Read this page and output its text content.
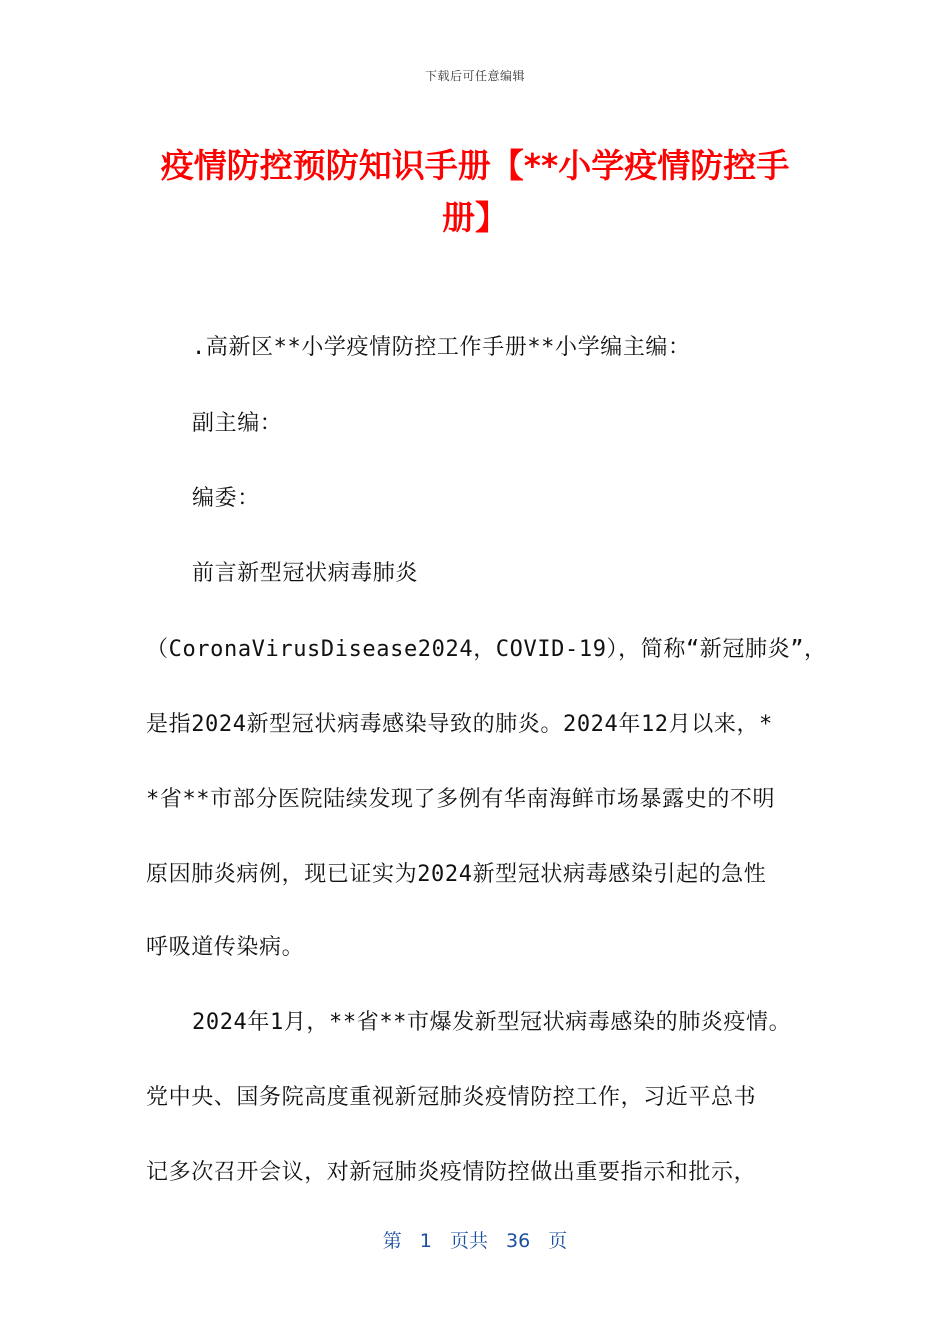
下载后可任意编辑
疫情防控预防知识手册【**小学疫情防控手册】
.高新区**小学疫情防控工作手册**小学编主编：
副主编：
编委：
前言新型冠状病毒肺炎
（CoronaVirusDisease2024，COVID-19），简称“新冠肺炎”，
是指2024新型冠状病毒感染导致的肺炎。2024年12月以来，*
*省**市部分医院陆续发现了多例有华南海鲜市场暴露史的不明
原因肺炎病例，现已证实为2024新型冠状病毒感染引起的急性
呼吸道传染病。
2024年1月，**省**市爆发新型冠状病毒感染的肺炎疫情。
党中央、国务院高度重视新冠肺炎疫情防控工作，习近平总书
记多次召开会议，对新冠肺炎疫情防控做出重要指示和批示，
第 1 页共 36 页
